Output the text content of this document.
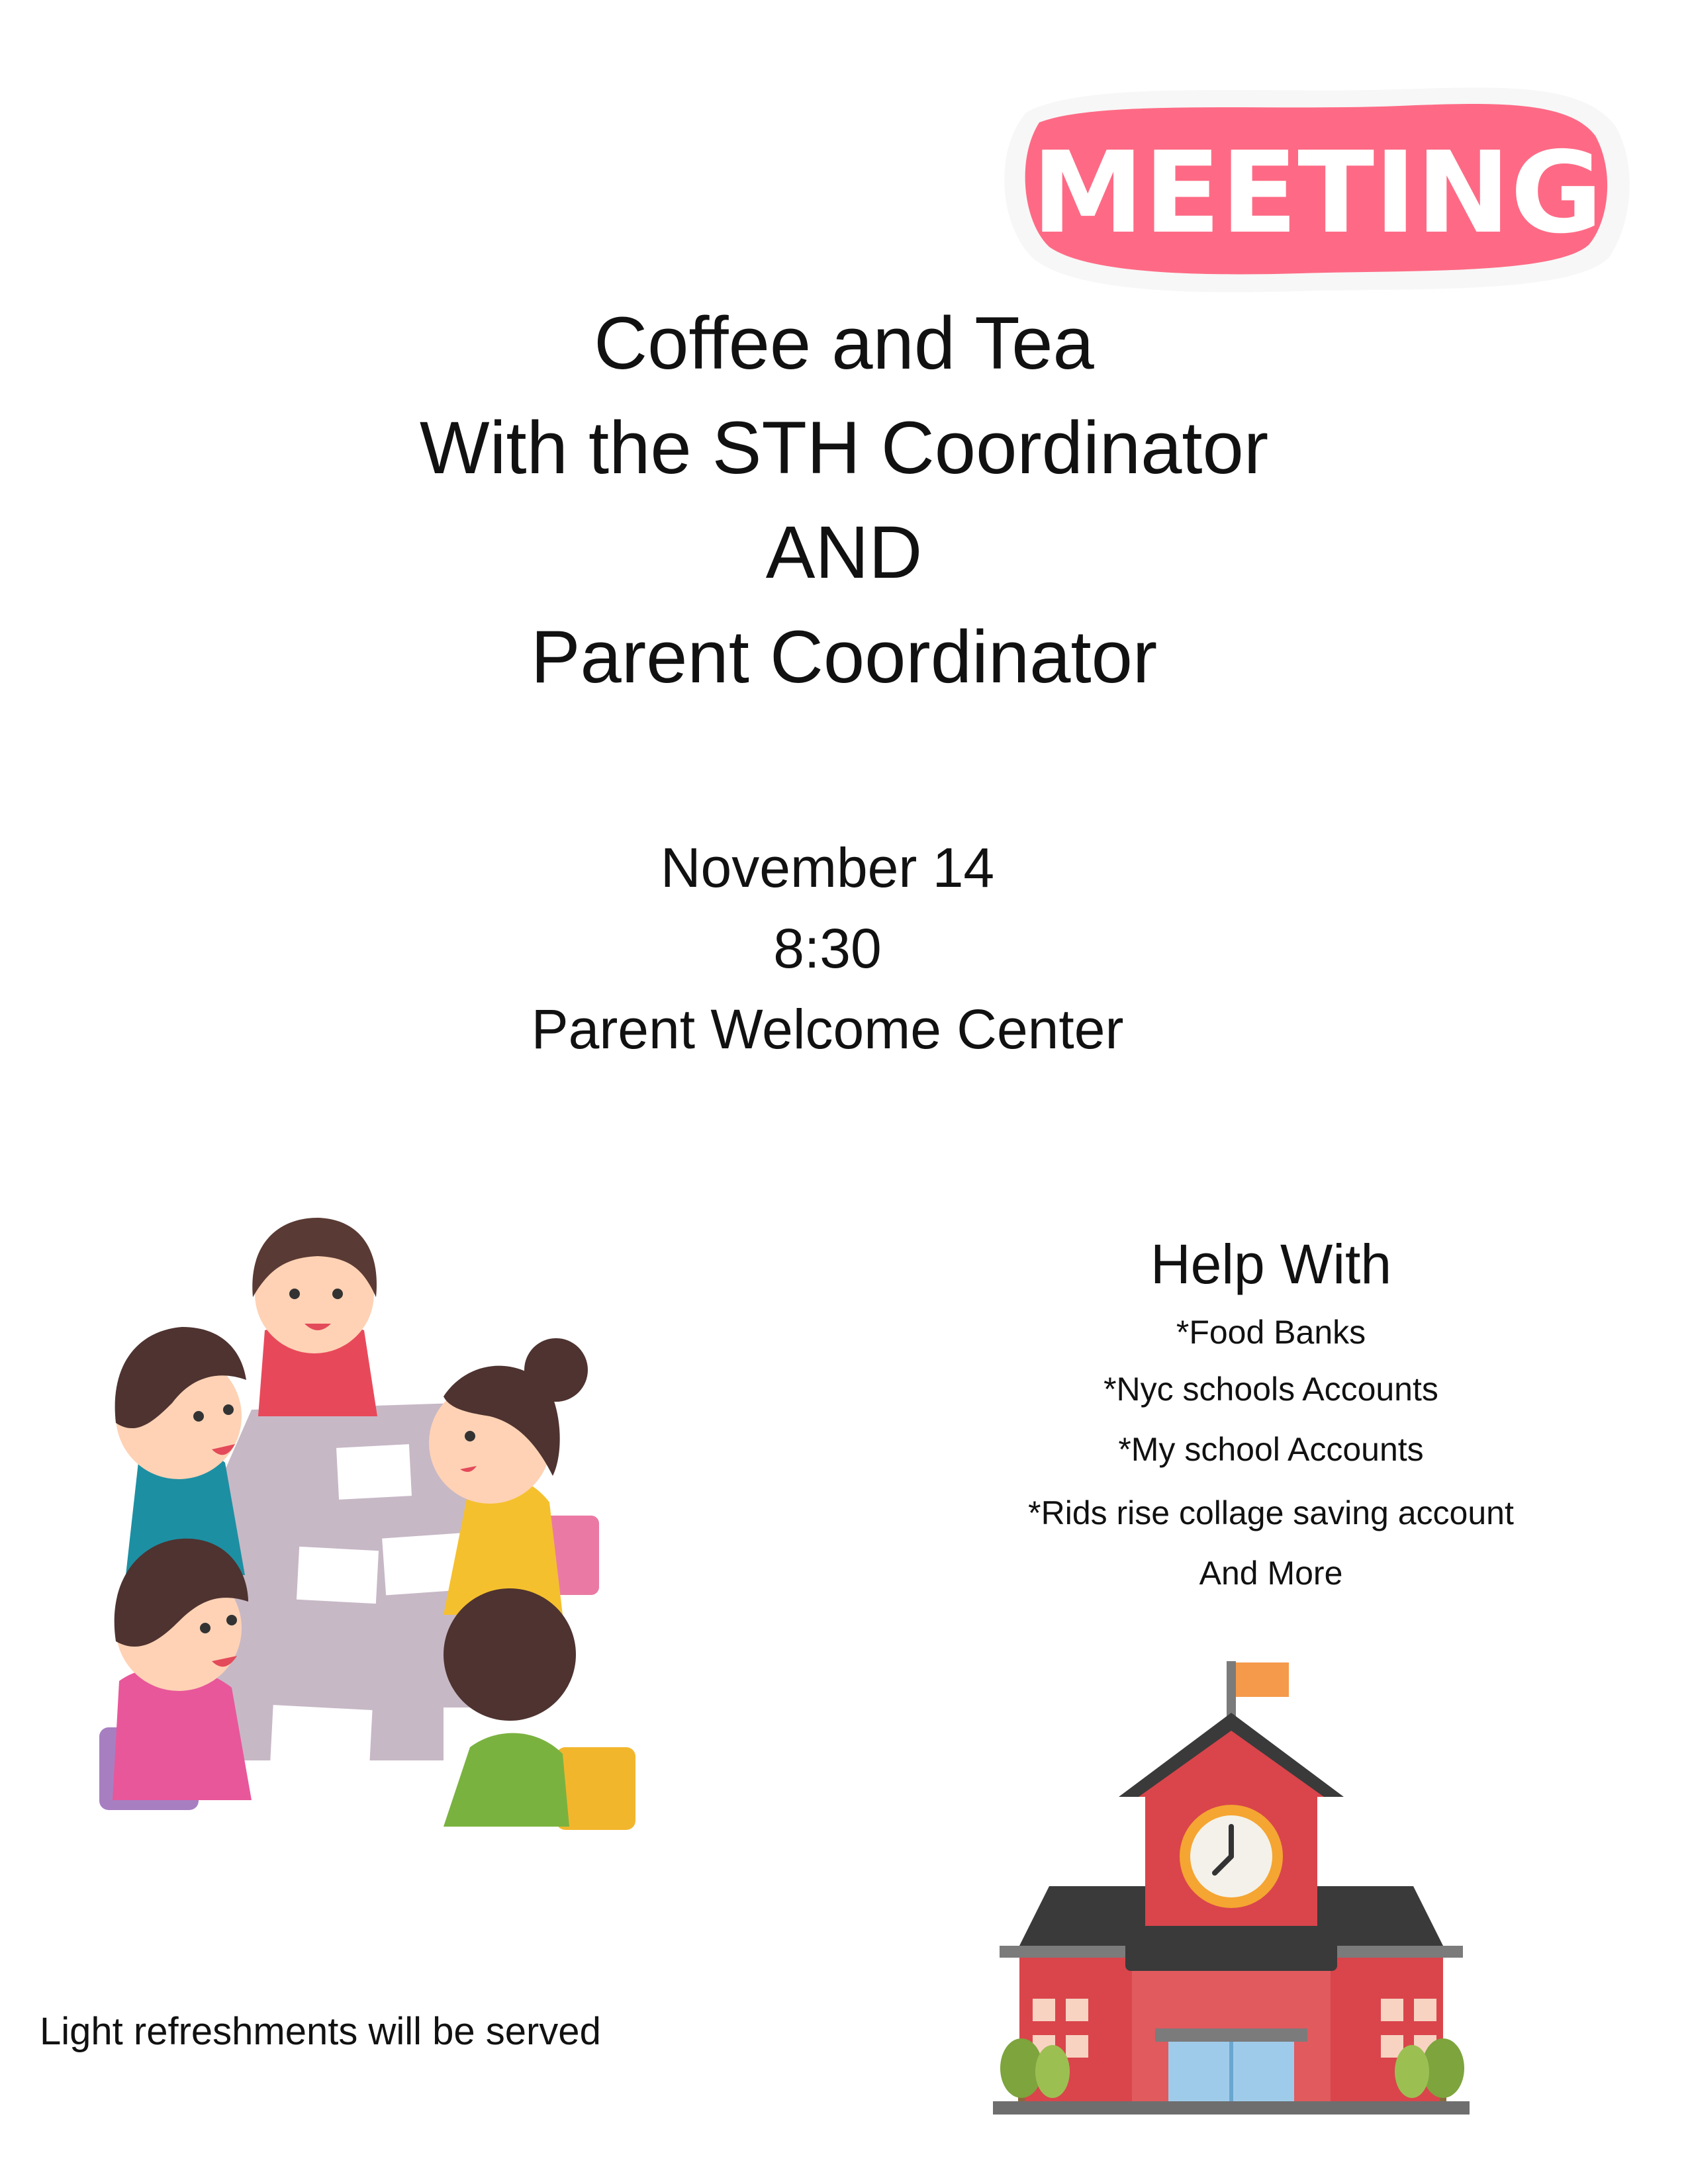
MEETING
Coffee and Tea
With the STH Coordinator
AND
Parent Coordinator
November 14
8:30
Parent Welcome Center
Help With
*Food Banks
*Nyc schools Accounts
*My school Accounts
*Rids rise collage saving account
And More
Light refreshments will be served
